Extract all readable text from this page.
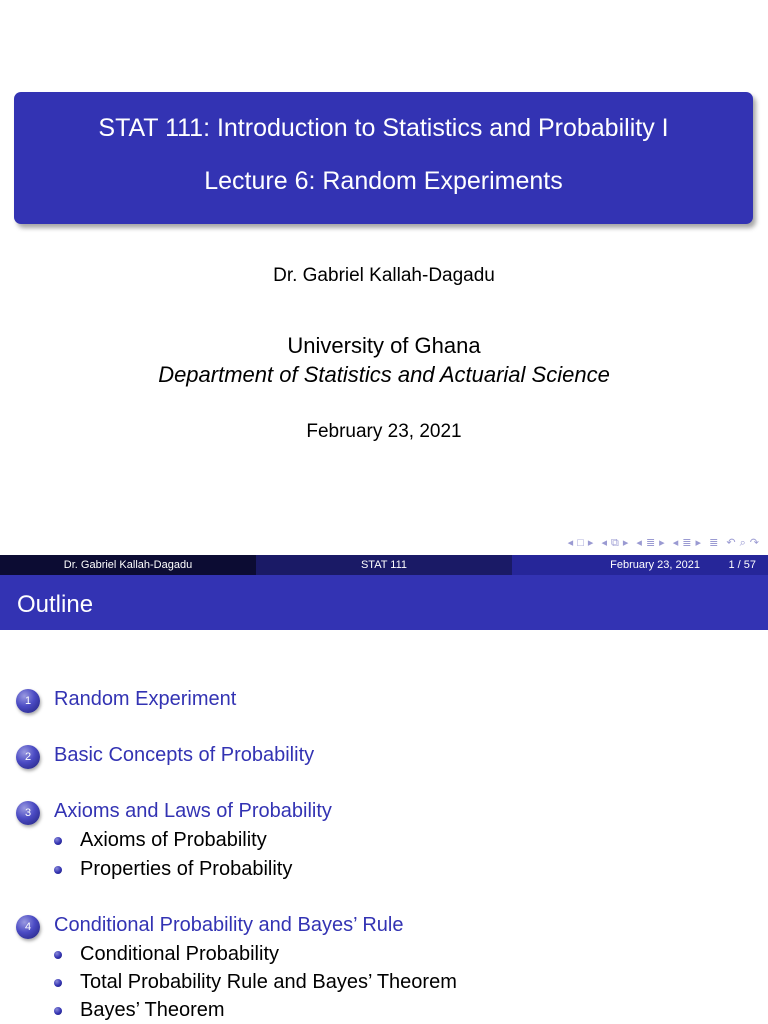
STAT 111: Introduction to Statistics and Probability I
Lecture 6: Random Experiments
Dr. Gabriel Kallah-Dagadu
University of Ghana
Department of Statistics and Actuarial Science
February 23, 2021
◂ □ ▸ ◂ ⧉ ▸ ◂ ≣ ▸ ◂ ≣ ▸ ≣ ↶ ⌕ ↷
Dr. Gabriel Kallah-Dagadu	STAT 111	February 23, 2021	1 / 57
Outline
1	Random Experiment
2	Basic Concepts of Probability
3	Axioms and Laws of Probability
Axioms of Probability
Properties of Probability
4	Conditional Probability and Bayes’ Rule
Conditional Probability
Total Probability Rule and Bayes’ Theorem
Bayes’ Theorem
